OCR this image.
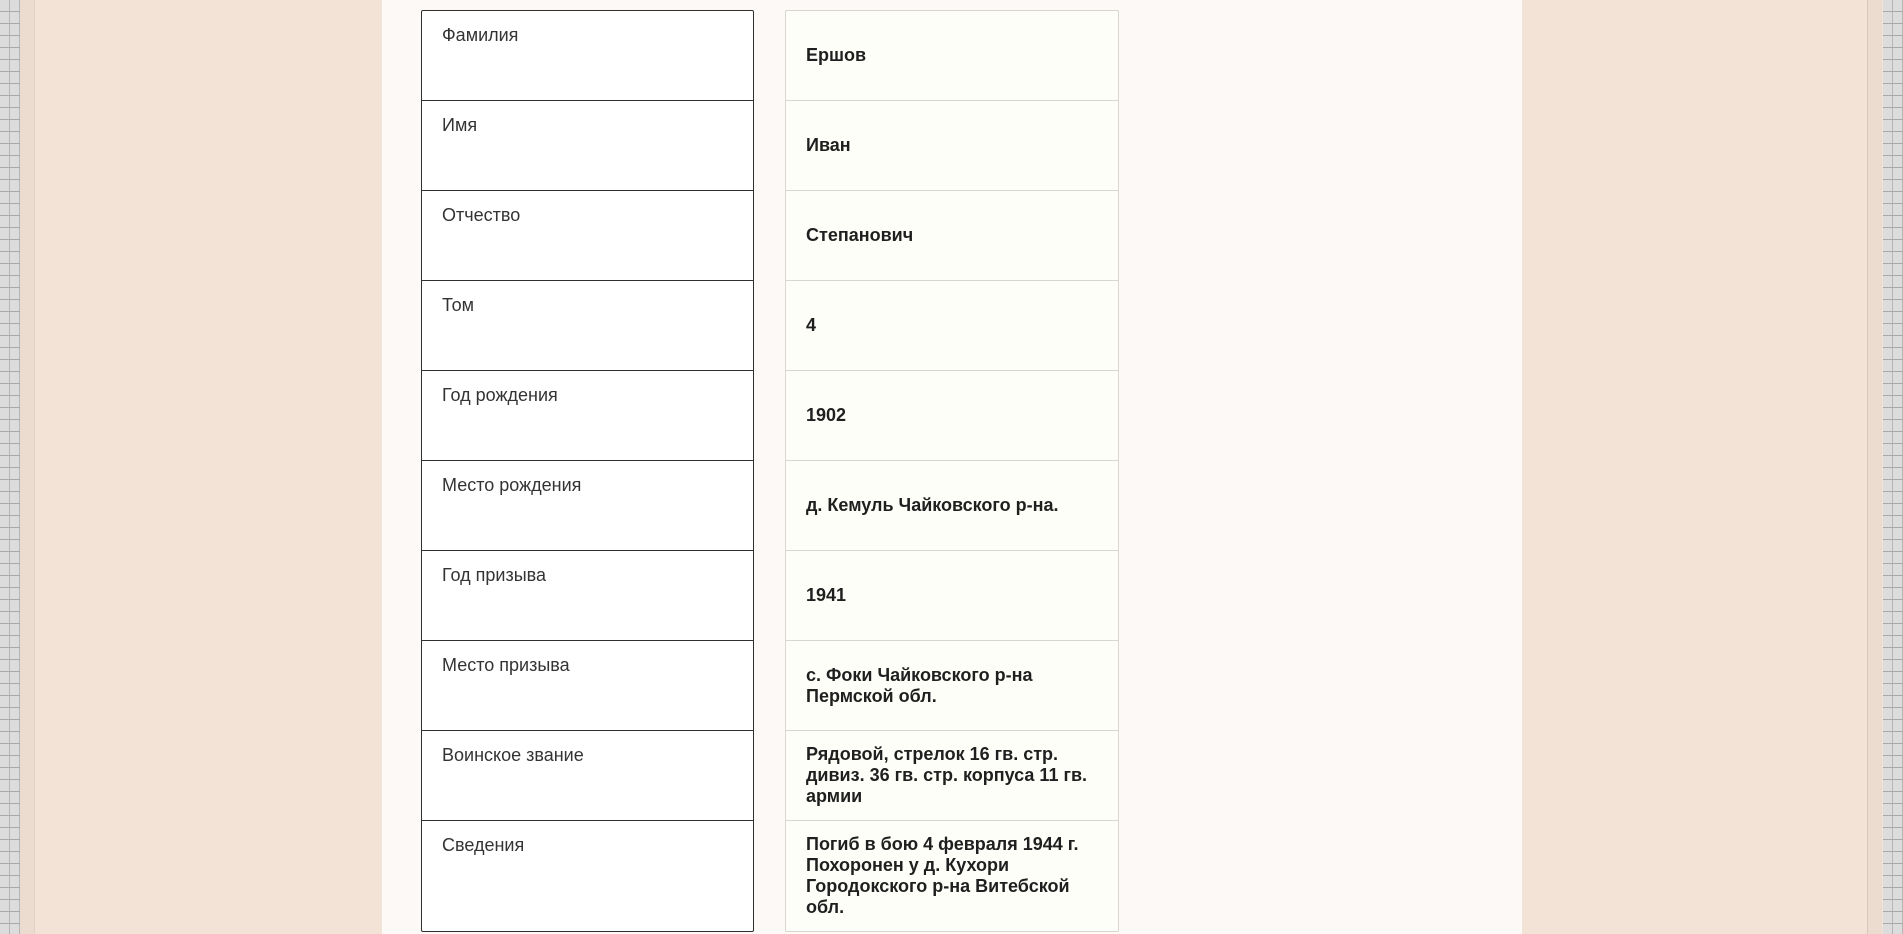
Фамилия
Имя
Отчество
Том
Год рождения
Место рождения
Год призыва
Место призыва
Воинское звание
Сведения
Ершов
Иван
Степанович
4
1902
д. Кемуль Чайковского р-на.
1941
с. Фоки Чайковского р-на Пермской обл.
Рядовой, стрелок 16 гв. стр. дивиз. 36 гв. стр. корпуса 11 гв. армии
Погиб в бою 4 февраля 1944 г. Похоронен у д. Кухори Городокского р-на Витебской обл.
